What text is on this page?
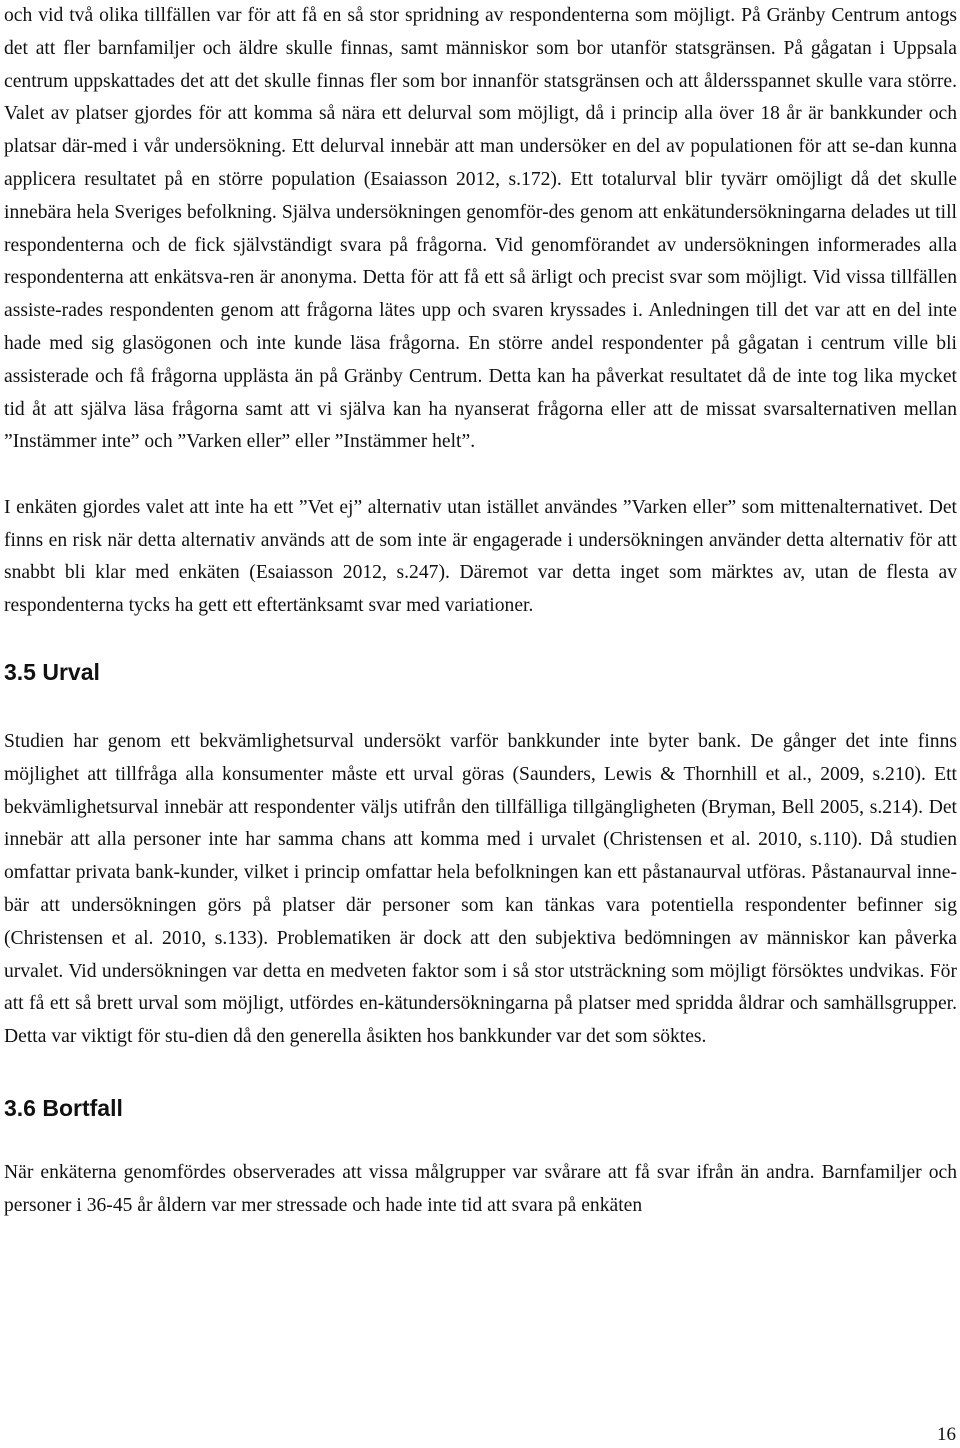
och vid två olika tillfällen var för att få en så stor spridning av respondenterna som möjligt. På Gränby Centrum antogs det att fler barnfamiljer och äldre skulle finnas, samt människor som bor utanför statsgränsen. På gågatan i Uppsala centrum uppskattades det att det skulle finnas fler som bor innanför statsgränsen och att åldersspannet skulle vara större. Valet av platser gjordes för att komma så nära ett delurval som möjligt, då i princip alla över 18 år är bankkunder och platsar där-med i vår undersökning. Ett delurval innebär att man undersöker en del av populationen för att se-dan kunna applicera resultatet på en större population (Esaiasson 2012, s.172). Ett totalurval blir tyvärr omöjligt då det skulle innebära hela Sveriges befolkning. Själva undersökningen genomför-des genom att enkätundersökningarna delades ut till respondenterna och de fick självständigt svara på frågorna. Vid genomförandet av undersökningen informerades alla respondenterna att enkätsva-ren är anonyma. Detta för att få ett så ärligt och precist svar som möjligt. Vid vissa tillfällen assiste-rades respondenten genom att frågorna lätes upp och svaren kryssades i. Anledningen till det var att en del inte hade med sig glasögonen och inte kunde läsa frågorna. En större andel respondenter på gågatan i centrum ville bli assisterade och få frågorna upplästa än på Gränby Centrum. Detta kan ha påverkat resultatet då de inte tog lika mycket tid åt att själva läsa frågorna samt att vi själva kan ha nyanserat frågorna eller att de missat svarsalternativen mellan ”Instämmer inte” och ”Varken eller” eller ”Instämmer helt”.

I enkäten gjordes valet att inte ha ett ”Vet ej” alternativ utan istället användes ”Varken eller” som mittenalternativet. Det finns en risk när detta alternativ används att de som inte är engagerade i undersökningen använder detta alternativ för att snabbt bli klar med enkäten (Esaiasson 2012, s.247). Däremot var detta inget som märktes av, utan de flesta av respondenterna tycks ha gett ett eftertänksamt svar med variationer.

3.5 Urval

Studien har genom ett bekvämlighetsurval undersökt varför bankkunder inte byter bank. De gånger det inte finns möjlighet att tillfråga alla konsumenter måste ett urval göras (Saunders, Lewis & Thornhill et al., 2009, s.210). Ett bekvämlighetsurval innebär att respondenter väljs utifrån den tillfälliga tillgängligheten (Bryman, Bell 2005, s.214). Det innebär att alla personer inte har samma chans att komma med i urvalet (Christensen et al. 2010, s.110). Då studien omfattar privata bank-kunder, vilket i princip omfattar hela befolkningen kan ett påstanaurval utföras. Påstanaurval inne-bär att undersökningen görs på platser där personer som kan tänkas vara potentiella respondenter befinner sig (Christensen et al. 2010, s.133). Problematiken är dock att den subjektiva bedömningen av människor kan påverka urvalet. Vid undersökningen var detta en medveten faktor som i så stor utsträckning som möjligt försöktes undvikas. För att få ett så brett urval som möjligt, utfördes en-kätundersökningarna på platser med spridda åldrar och samhällsgrupper. Detta var viktigt för stu-dien då den generella åsikten hos bankkunder var det som söktes.

3.6 Bortfall

När enkäterna genomfördes observerades att vissa målgrupper var svårare att få svar ifrån än andra. Barnfamiljer och personer i 36-45 år åldern var mer stressade och hade inte tid att svara på enkäten

16
